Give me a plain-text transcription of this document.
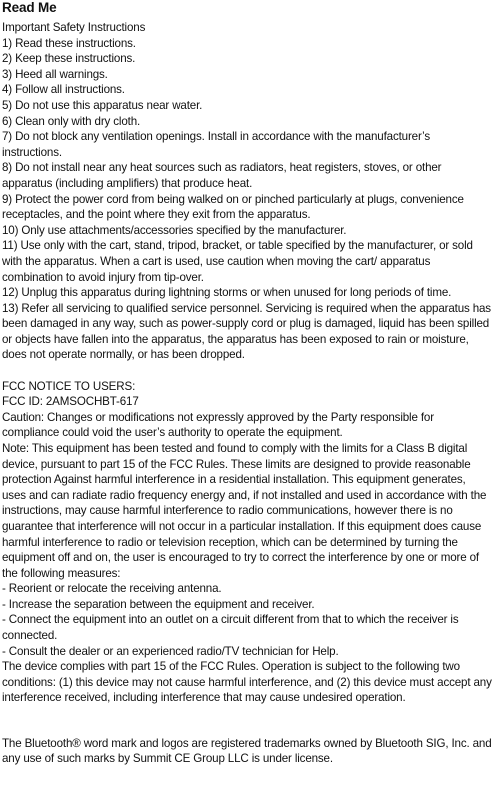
Read Me

Important Safety Instructions

1) Read these instructions.

2) Keep these instructions.

3) Heed all warnings.

4) Follow all instructions.

5) Do not use this apparatus near water.

6) Clean only with dry cloth.

7) Do not block any ventilation openings. Install in accordance with the manufacturer’s instructions.

8) Do not install near any heat sources such as radiators, heat registers, stoves, or other apparatus (including amplifiers) that produce heat.

9) Protect the power cord from being walked on or pinched particularly at plugs, convenience receptacles, and the point where they exit from the apparatus.

10) Only use attachments/accessories specified by the manufacturer.

11) Use only with the cart, stand, tripod, bracket, or table specified by the manufacturer, or sold with the apparatus. When a cart is used, use caution when moving the cart/ apparatus combination to avoid injury from tip-over.

12) Unplug this apparatus during lightning storms or when unused for long periods of time.

13) Refer all servicing to qualified service personnel. Servicing is required when the apparatus has been damaged in any way, such as power-supply cord or plug is damaged, liquid has been spilled or objects have fallen into the apparatus, the apparatus has been exposed to rain or moisture, does not operate normally, or has been dropped.

FCC NOTICE TO USERS:

FCC ID: 2AMSOCHBT-617

Caution: Changes or modifications not expressly approved by the Party responsible for compliance could void the user’s authority to operate the equipment.

Note: This equipment has been tested and found to comply with the limits for a Class B digital device, pursuant to part 15 of the FCC Rules. These limits are designed to provide reasonable protection Against harmful interference in a residential installation. This equipment generates, uses and can radiate radio frequency energy and, if not installed and used in accordance with the instructions, may cause harmful interference to radio communications, however there is no guarantee that interference will not occur in a particular installation. If this equipment does cause harmful interference to radio or television reception, which can be determined by turning the equipment off and on, the user is encouraged to try to correct the interference by one or more of the following measures:

- Reorient or relocate the receiving antenna.

- Increase the separation between the equipment and receiver.

- Connect the equipment into an outlet on a circuit different from that to which the receiver is connected.

- Consult the dealer or an experienced radio/TV technician for Help.

The device complies with part 15 of the FCC Rules. Operation is subject to the following two conditions: (1) this device may not cause harmful interference, and (2) this device must accept any interference received, including interference that may cause undesired operation.

The Bluetooth® word mark and logos are registered trademarks owned by Bluetooth SIG, Inc. and any use of such marks by Summit CE Group LLC is under license.
